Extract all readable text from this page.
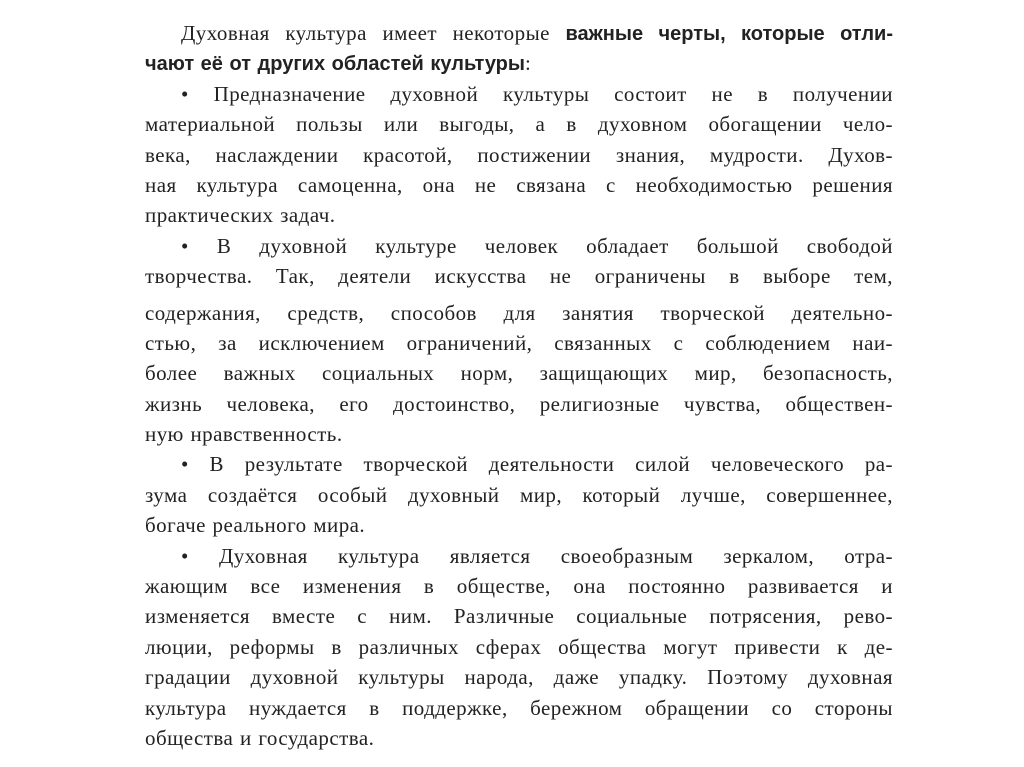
Духовная культура имеет некоторые важные черты, которые отли-
чают её от других областей культуры:
• Предназначение духовной культуры состоит не в получении
материальной пользы или выгоды, а в духовном обогащении чело-
века, наслаждении красотой, постижении знания, мудрости. Духов-
ная культура самоценна, она не связана с необходимостью решения
практических задач.
• В духовной культуре человек обладает большой свободой
творчества. Так, деятели искусства не ограничены в выборе тем,
содержания, средств, способов для занятия творческой деятельно-
стью, за исключением ограничений, связанных с соблюдением наи-
более важных социальных норм, защищающих мир, безопасность,
жизнь человека, его достоинство, религиозные чувства, обществен-
ную нравственность.
• В результате творческой деятельности силой человеческого ра-
зума создаётся особый духовный мир, который лучше, совершеннее,
богаче реального мира.
• Духовная культура является своеобразным зеркалом, отра-
жающим все изменения в обществе, она постоянно развивается и
изменяется вместе с ним. Различные социальные потрясения, рево-
люции, реформы в различных сферах общества могут привести к де-
градации духовной культуры народа, даже упадку. Поэтому духовная
культура нуждается в поддержке, бережном обращении со стороны
общества и государства.
